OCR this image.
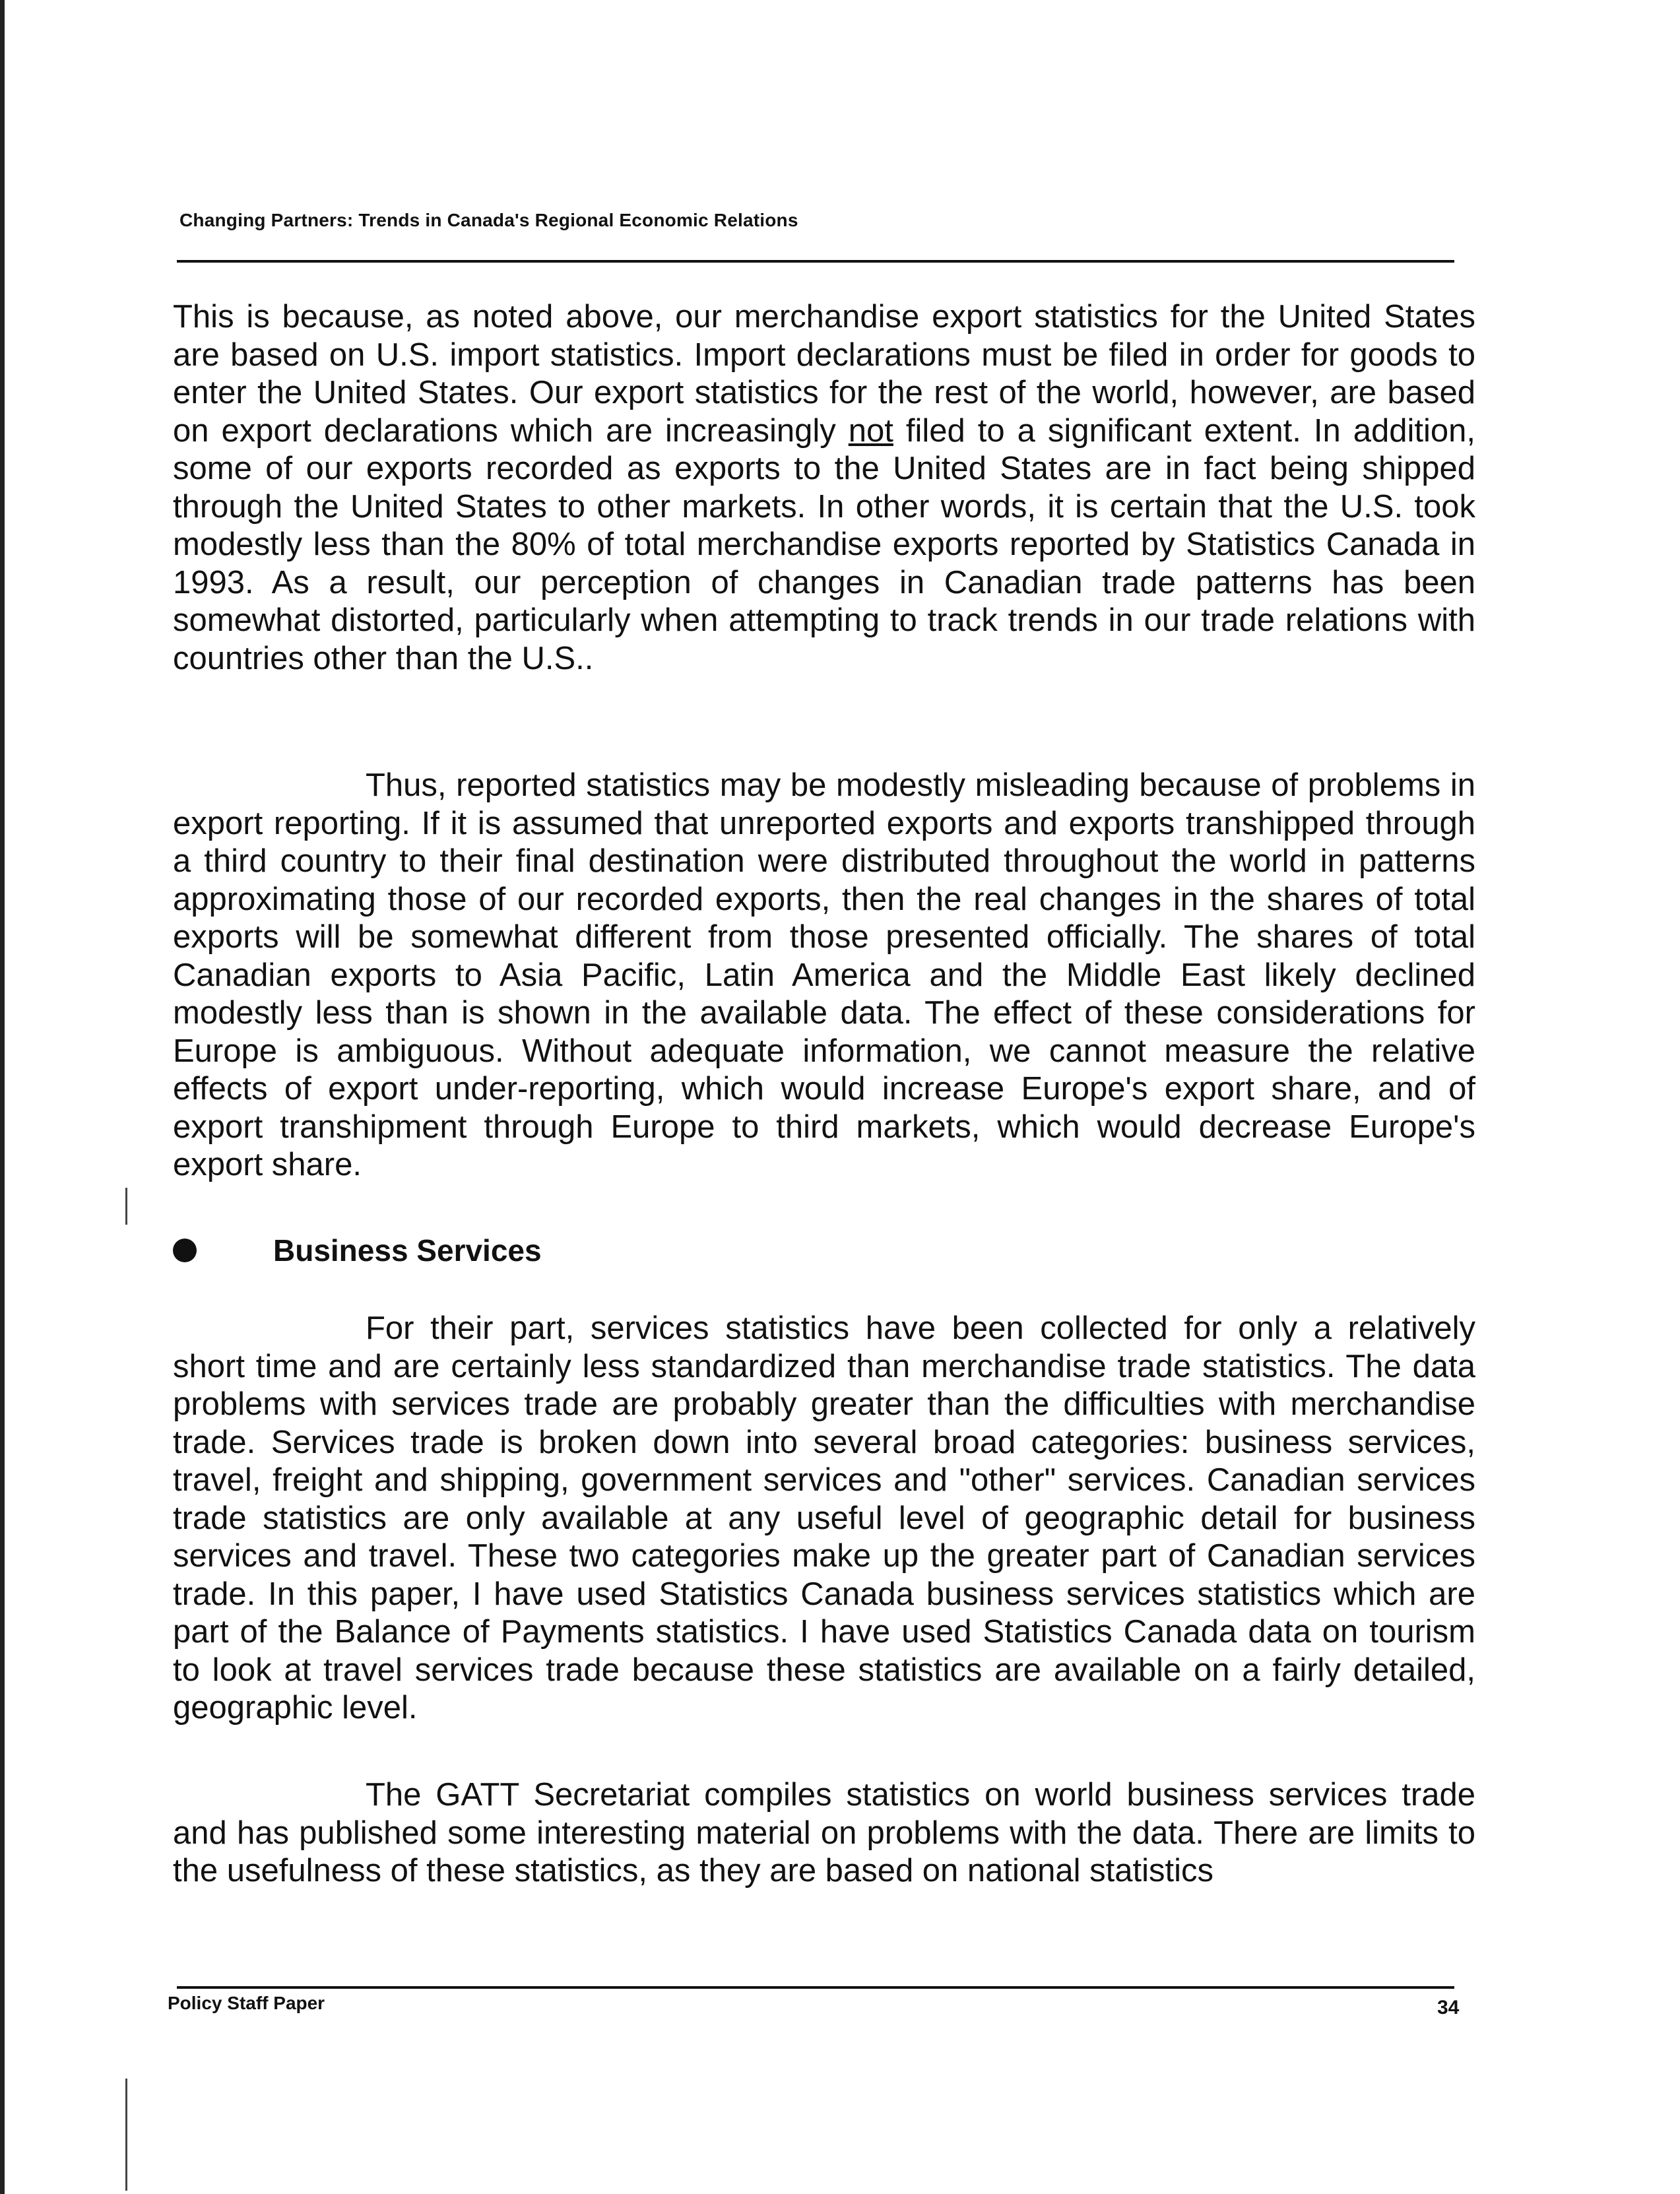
Changing Partners: Trends in Canada's Regional Economic Relations

This is because, as noted above, our merchandise export statistics for the United States are based on U.S. import statistics. Import declarations must be filed in order for goods to enter the United States. Our export statistics for the rest of the world, however, are based on export declarations which are increasingly not filed to a significant extent. In addition, some of our exports recorded as exports to the United States are in fact being shipped through the United States to other markets. In other words, it is certain that the U.S. took modestly less than the 80% of total merchandise exports reported by Statistics Canada in 1993. As a result, our perception of changes in Canadian trade patterns has been somewhat distorted, particularly when attempting to track trends in our trade relations with countries other than the U.S..

Thus, reported statistics may be modestly misleading because of problems in export reporting. If it is assumed that unreported exports and exports transhipped through a third country to their final destination were distributed throughout the world in patterns approximating those of our recorded exports, then the real changes in the shares of total exports will be somewhat different from those presented officially. The shares of total Canadian exports to Asia Pacific, Latin America and the Middle East likely declined modestly less than is shown in the available data. The effect of these considerations for Europe is ambiguous. Without adequate information, we cannot measure the relative effects of export under-reporting, which would increase Europe's export share, and of export transhipment through Europe to third markets, which would decrease Europe's export share.

Business Services

For their part, services statistics have been collected for only a relatively short time and are certainly less standardized than merchandise trade statistics. The data problems with services trade are probably greater than the difficulties with merchandise trade. Services trade is broken down into several broad categories: business services, travel, freight and shipping, government services and "other" services. Canadian services trade statistics are only available at any useful level of geographic detail for business services and travel. These two categories make up the greater part of Canadian services trade. In this paper, I have used Statistics Canada business services statistics which are part of the Balance of Payments statistics. I have used Statistics Canada data on tourism to look at travel services trade because these statistics are available on a fairly detailed, geographic level.

The GATT Secretariat compiles statistics on world business services trade and has published some interesting material on problems with the data. There are limits to the usefulness of these statistics, as they are based on national statistics

Policy Staff Paper	34
